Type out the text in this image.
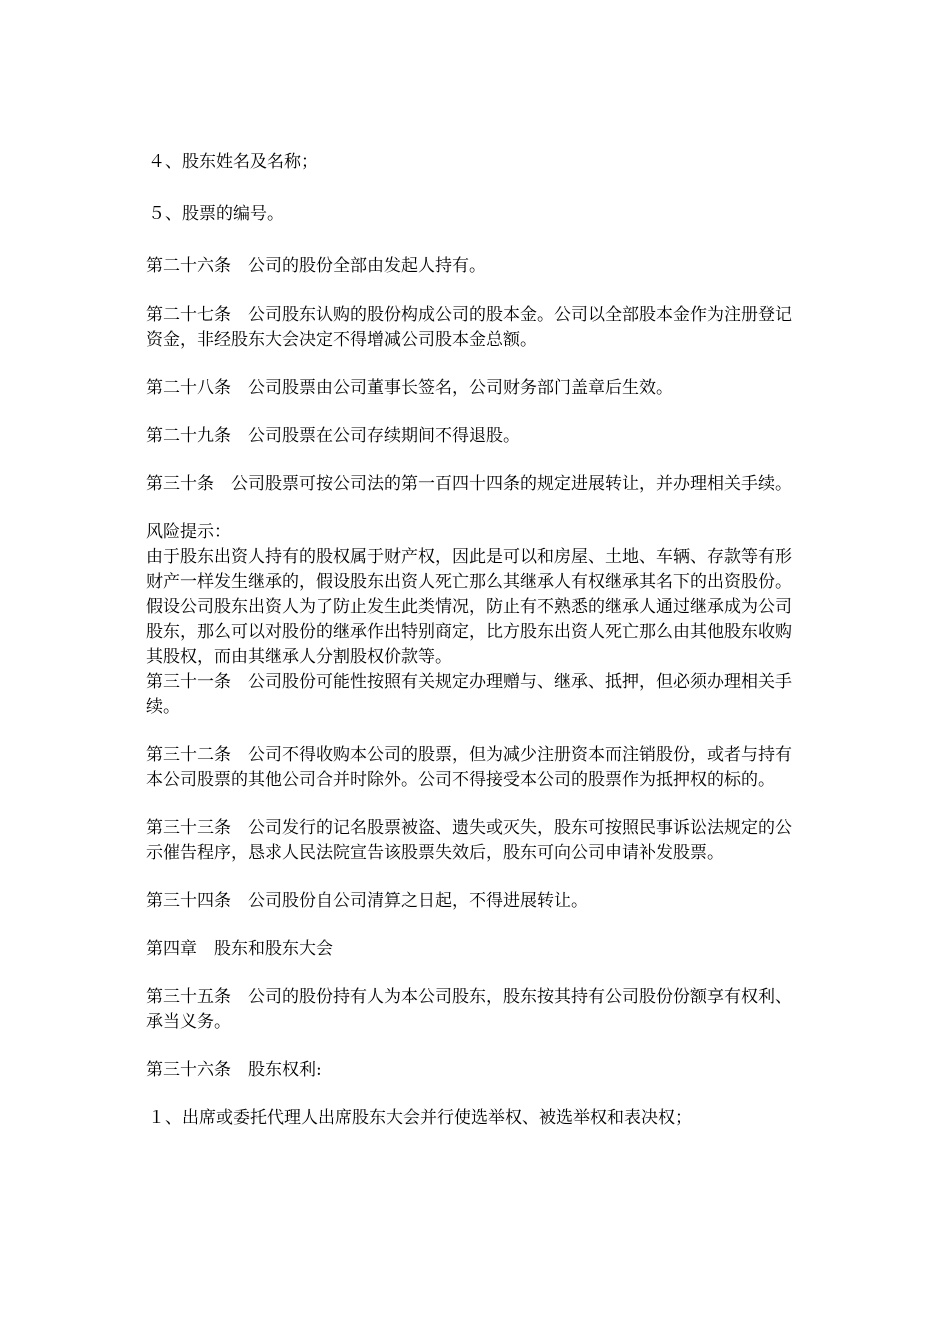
４、股东姓名及名称；

５、股票的编号。

第二十六条　公司的股份全部由发起人持有。

第二十七条　公司股东认购的股份构成公司的股本金。公司以全部股本金作为注册登记资金，非经股东大会决定不得增减公司股本金总额。

第二十八条　公司股票由公司董事长签名，公司财务部门盖章后生效。

第二十九条　公司股票在公司存续期间不得退股。

第三十条　公司股票可按公司法的第一百四十四条的规定进展转让，并办理相关手续。

风险提示：

由于股东出资人持有的股权属于财产权，因此是可以和房屋、土地、车辆、存款等有形财产一样发生继承的，假设股东出资人死亡那么其继承人有权继承其名下的出资股份。假设公司股东出资人为了防止发生此类情况，防止有不熟悉的继承人通过继承成为公司股东，那么可以对股份的继承作出特别商定，比方股东出资人死亡那么由其他股东收购其股权，而由其继承人分割股权价款等。

第三十一条　公司股份可能性按照有关规定办理赠与、继承、抵押，但必须办理相关手续。

第三十二条　公司不得收购本公司的股票，但为减少注册资本而注销股份，或者与持有本公司股票的其他公司合并时除外。公司不得接受本公司的股票作为抵押权的标的。

第三十三条　公司发行的记名股票被盗、遗失或灭失，股东可按照民事诉讼法规定的公示催告程序，恳求人民法院宣告该股票失效后，股东可向公司申请补发股票。

第三十四条　公司股份自公司清算之日起，不得进展转让。

第四章　股东和股东大会

第三十五条　公司的股份持有人为本公司股东，股东按其持有公司股份份额享有权利、承当义务。

第三十六条　股东权利:

１、出席或委托代理人出席股东大会并行使选举权、被选举权和表决权；
